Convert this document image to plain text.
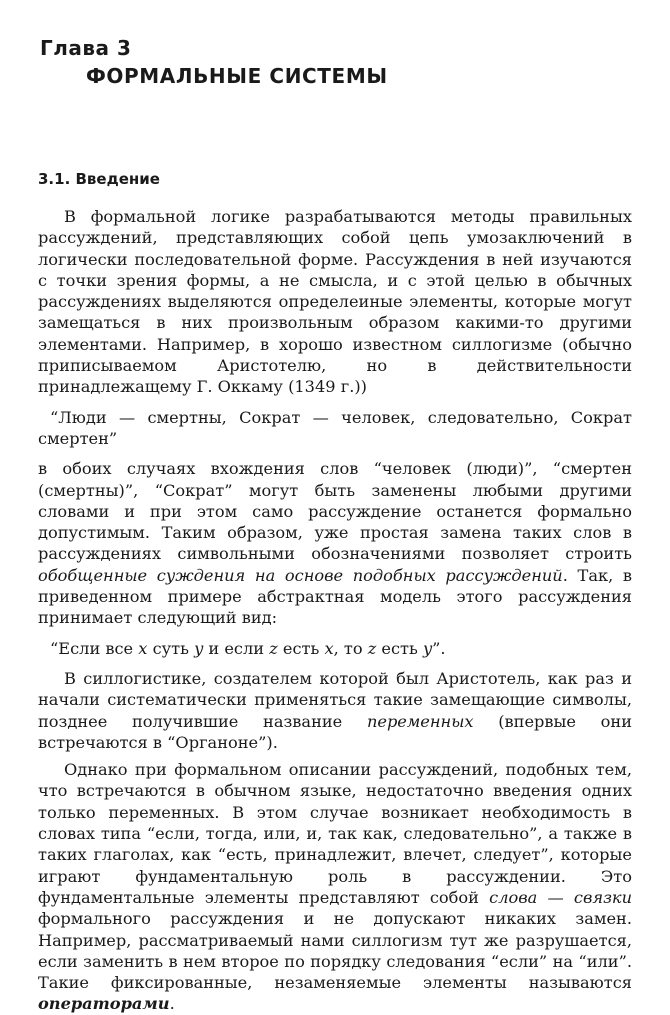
Глава 3
ФОРМАЛЬНЫЕ СИСТЕМЫ
3.1. Введение
В формальной логике разрабатываются методы правильных рассуждений, представляющих собой цепь умозаключений в логически последовательной форме. Рассуждения в ней изучаются с точки зрения формы, а не смысла, и с этой целью в обычных рассуждениях выделяются определеиные элементы, которые могут замещаться в них произвольным образом какими-то другими элементами. Например, в хорошо известном силлогизме (обычно приписываемом Аристотелю, но в действительности принадлежащему Г. Оккаму (1349 г.))
“Люди — смертны, Сократ — человек, следовательно, Сократ смертен”
в обоих случаях вхождения слов “человек (люди)”, “смертен (смертны)”, “Сократ” могут быть заменены любыми другими словами и при этом само рассуждение останется формально допустимым. Таким образом, уже простая замена таких слов в рассуждениях символьными обозначениями позволяет строить обобщенные суждения на основе подобных рассуждений. Так, в приведенном примере абстрактная модель этого рассуждения принимает следующий вид:
“Если все x суть y и если z есть x, то z есть y”.
В силлогистике, создателем которой был Аристотель, как раз и начали систематически применяться такие замещающие символы, позднее получившие название переменных (впервые они встречаются в “Органоне”).
Однако при формальном описании рассуждений, подобных тем, что встречаются в обычном языке, недостаточно введения одних только переменных. В этом случае возникает необходимость в словах типа “если, тогда, или, и, так как, следовательно”, а также в таких глаголах, как “есть, принадлежит, влечет, следует”, которые играют фундаментальную роль в рассуждении. Это фундаментальные элементы представляют собой слова — связки формального рассуждения и не допускают никаких замен. Например, рассматриваемый нами силлогизм тут же разрушается, если заменить в нем второе по порядку следования “если” на “или”. Такие фиксированные, незаменяемые элементы называются операторами.
